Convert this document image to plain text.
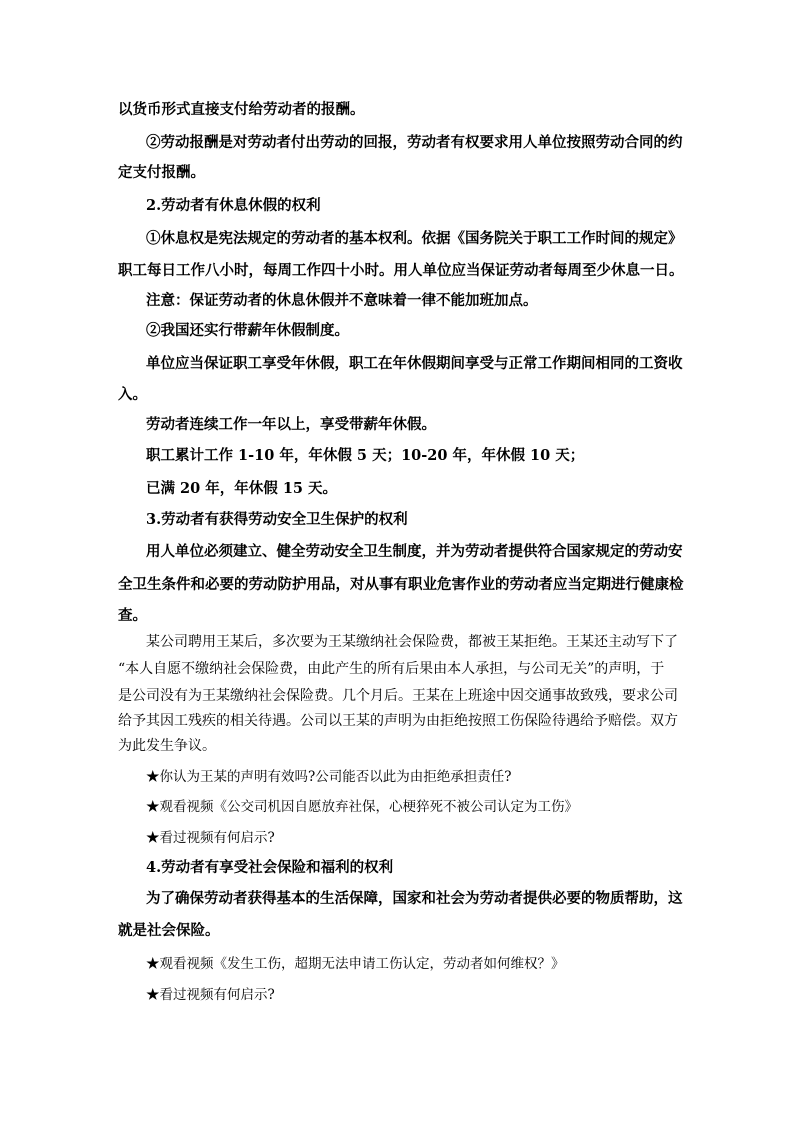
以货币形式直接支付给劳动者的报酬。

②劳动报酬是对劳动者付出劳动的回报，劳动者有权要求用人单位按照劳动合同的约

定支付报酬。

2.劳动者有休息休假的权利

①休息权是宪法规定的劳动者的基本权利。依据《国务院关于职工工作时间的规定》

职工每日工作八小时，每周工作四十小时。用人单位应当保证劳动者每周至少休息一日。

注意：保证劳动者的休息休假并不意味着一律不能加班加点。

②我国还实行带薪年休假制度。

单位应当保证职工享受年休假，职工在年休假期间享受与正常工作期间相同的工资收

入。

劳动者连续工作一年以上，享受带薪年休假。

职工累计工作 1-10 年，年休假 5 天；10-20 年，年休假 10 天；

已满 20 年，年休假 15 天。

3.劳动者有获得劳动安全卫生保护的权利

用人单位必须建立、健全劳动安全卫生制度，并为劳动者提供符合国家规定的劳动安

全卫生条件和必要的劳动防护用品，对从事有职业危害作业的劳动者应当定期进行健康检

查。

某公司聘用王某后，多次要为王某缴纳社会保险费，都被王某拒绝。王某还主动写下了

“本人自愿不缴纳社会保险费，由此产生的所有后果由本人承担，与公司无关”的声明，于

是公司没有为王某缴纳社会保险费。几个月后。王某在上班途中因交通事故致残，要求公司

给予其因工残疾的相关待遇。公司以王某的声明为由拒绝按照工伤保险待遇给予赔偿。双方

为此发生争议。

★你认为王某的声明有效吗?公司能否以此为由拒绝承担责任?

★观看视频《公交司机因自愿放弃社保，心梗猝死不被公司认定为工伤》

★看过视频有何启示?

4.劳动者有享受社会保险和福利的权利

为了确保劳动者获得基本的生活保障，国家和社会为劳动者提供必要的物质帮助，这

就是社会保险。

★观看视频《发生工伤，超期无法申请工伤认定，劳动者如何维权？》

★看过视频有何启示?
